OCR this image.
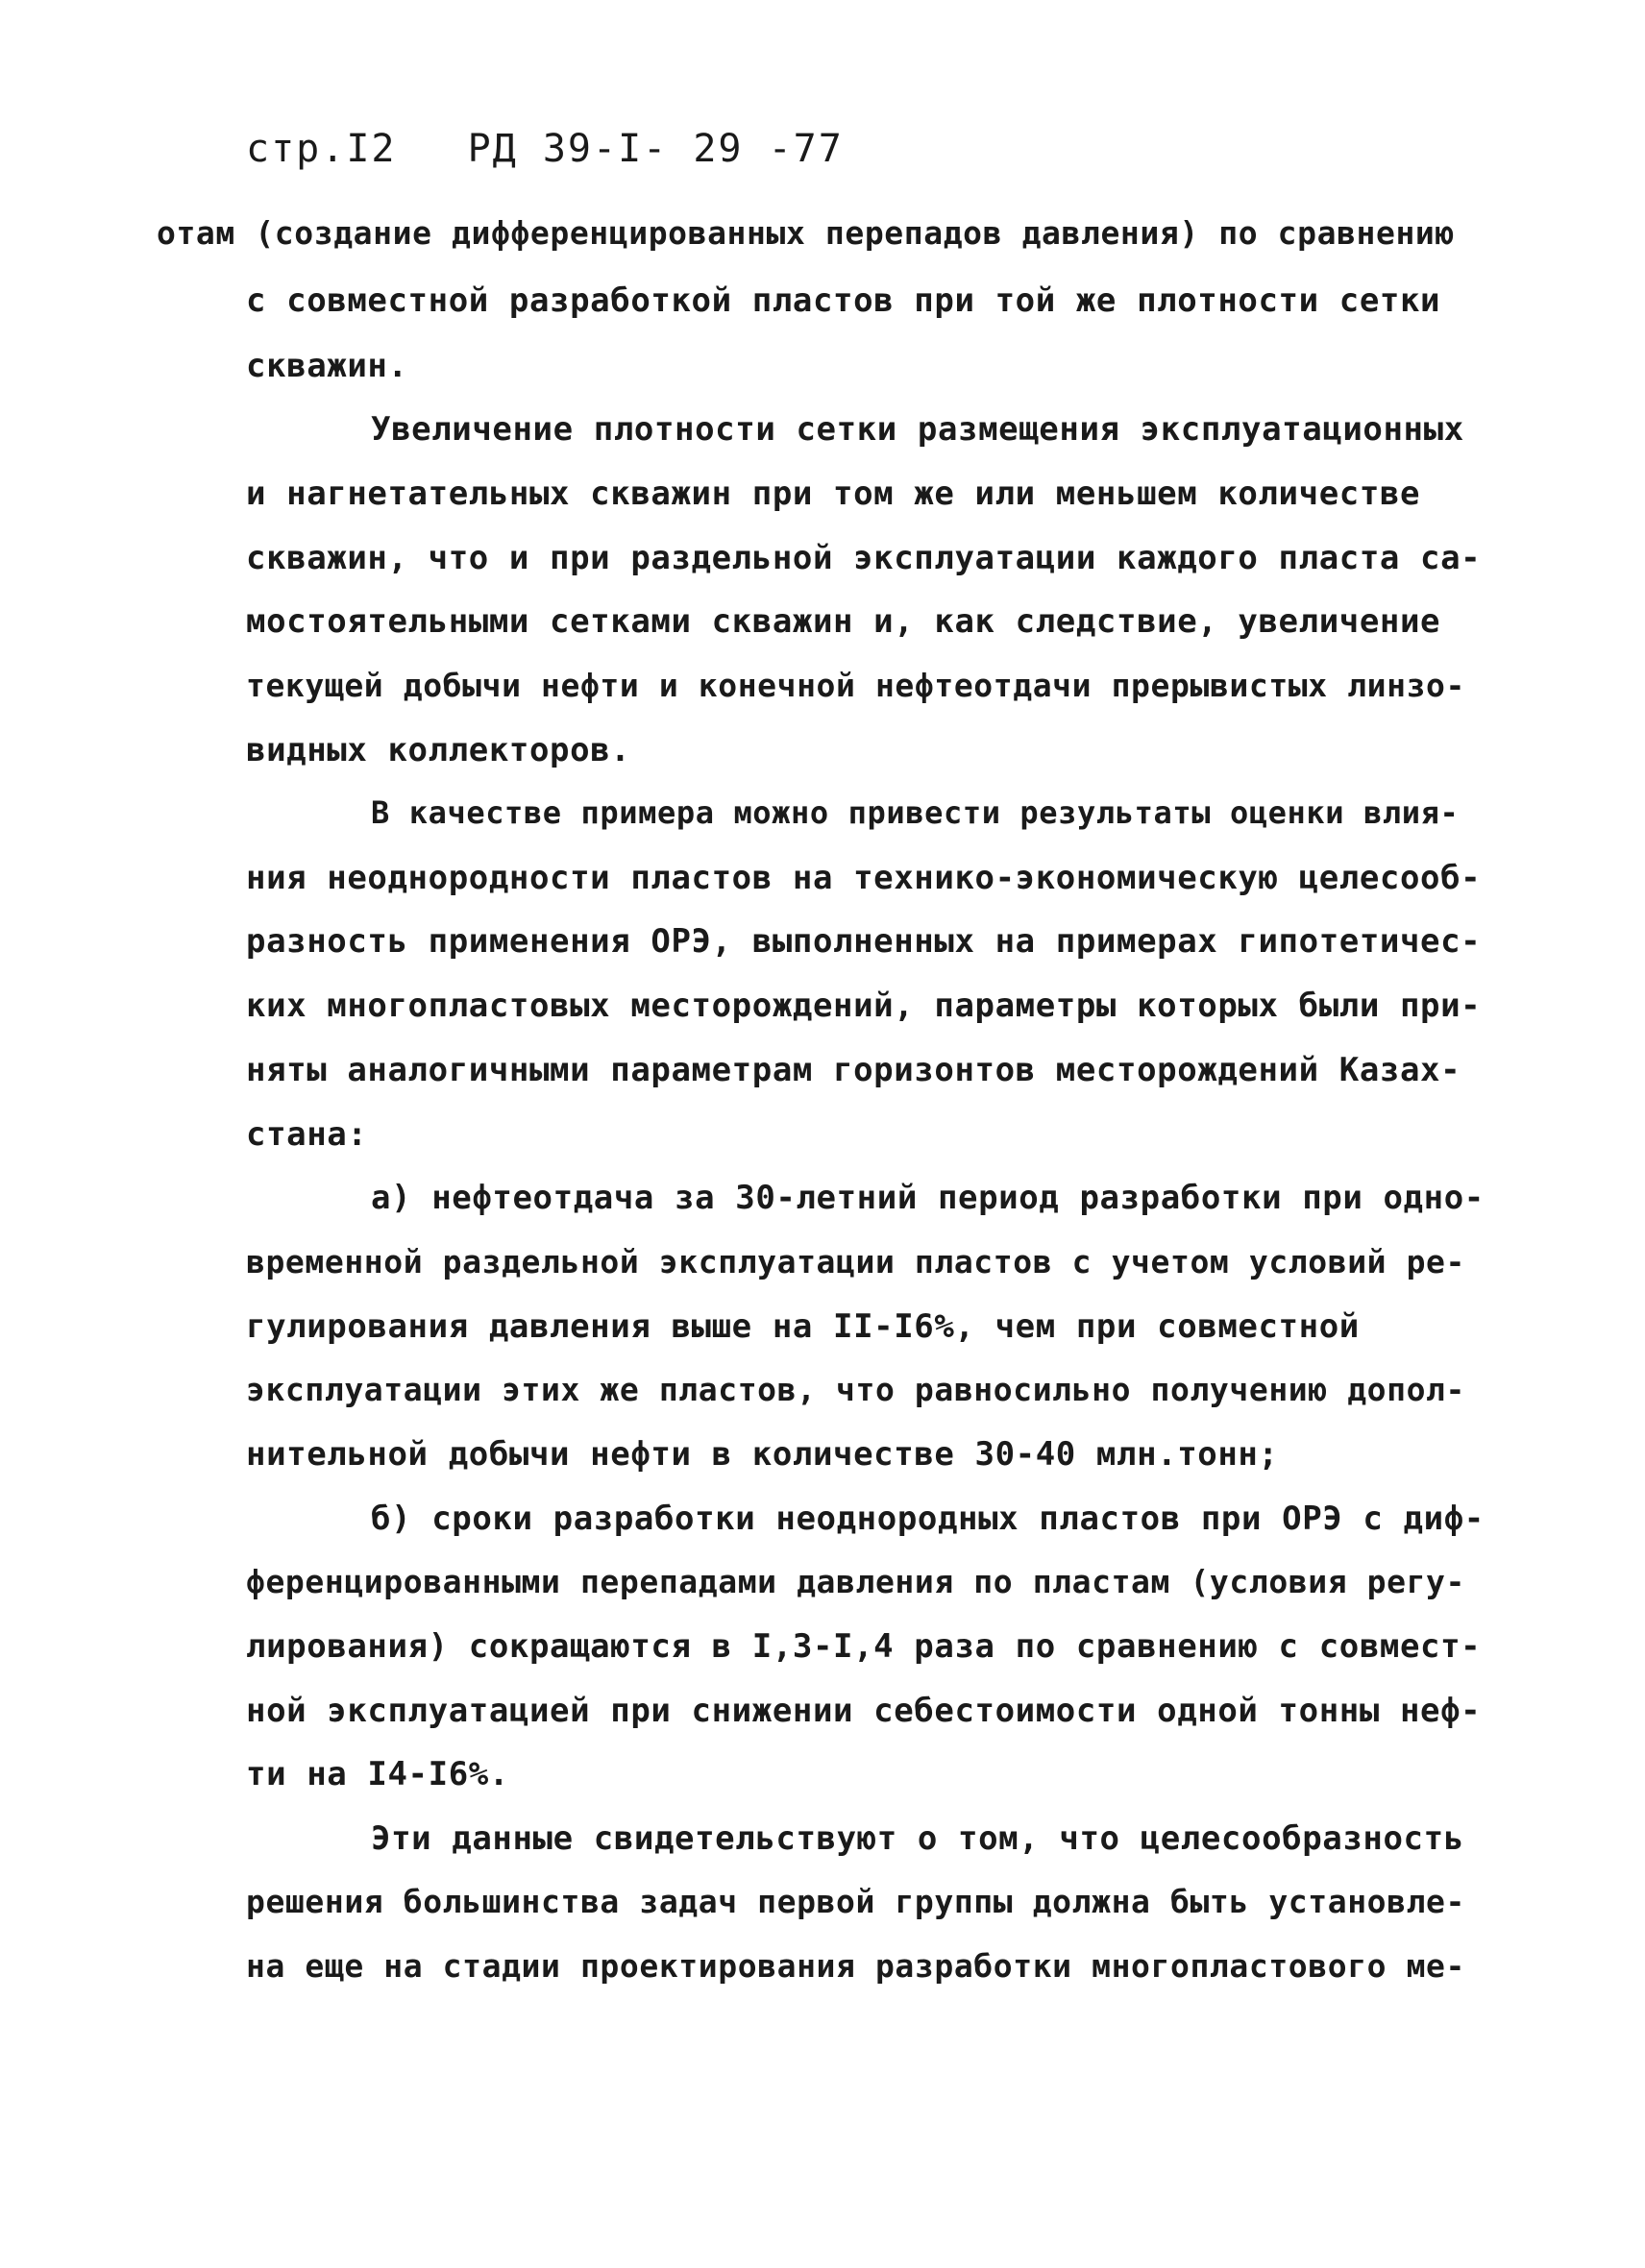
стр.I2 РД 39-I- 29 -77
отам (создание дифференцированных перепадов давления) по сравнению
с совместной разработкой пластов при той же плотности сетки
скважин.
Увеличение плотности сетки размещения эксплуатационных
и нагнетательных скважин при том же или меньшем количестве
скважин, что и при раздельной эксплуатации каждого пласта са-
мостоятельными сетками скважин и, как следствие, увеличение
текущей добычи нефти и конечной нефтеотдачи прерывистых линзо-
видных коллекторов.
В качестве примера можно привести результаты оценки влия-
ния неоднородности пластов на технико-экономическую целесооб-
разность применения ОРЭ, выполненных на примерах гипотетичес-
ких многопластовых месторождений, параметры которых были при-
няты аналогичными параметрам горизонтов месторождений Казах-
стана:
а) нефтеотдача за 30-летний период разработки при одно-
временной раздельной эксплуатации пластов с учетом условий ре-
гулирования давления выше на II-I6%, чем при совместной
эксплуатации этих же пластов, что равносильно получению допол-
нительной добычи нефти в количестве 30-40 млн.тонн;
б) сроки разработки неоднородных пластов при ОРЭ с диф-
ференцированными перепадами давления по пластам (условия регу-
лирования) сокращаются в I,3-I,4 раза по сравнению с совмест-
ной эксплуатацией при снижении себестоимости одной тонны неф-
ти на I4-I6%.
Эти данные свидетельствуют о том, что целесообразность
решения большинства задач первой группы должна быть установле-
на еще на стадии проектирования разработки многопластового ме-
